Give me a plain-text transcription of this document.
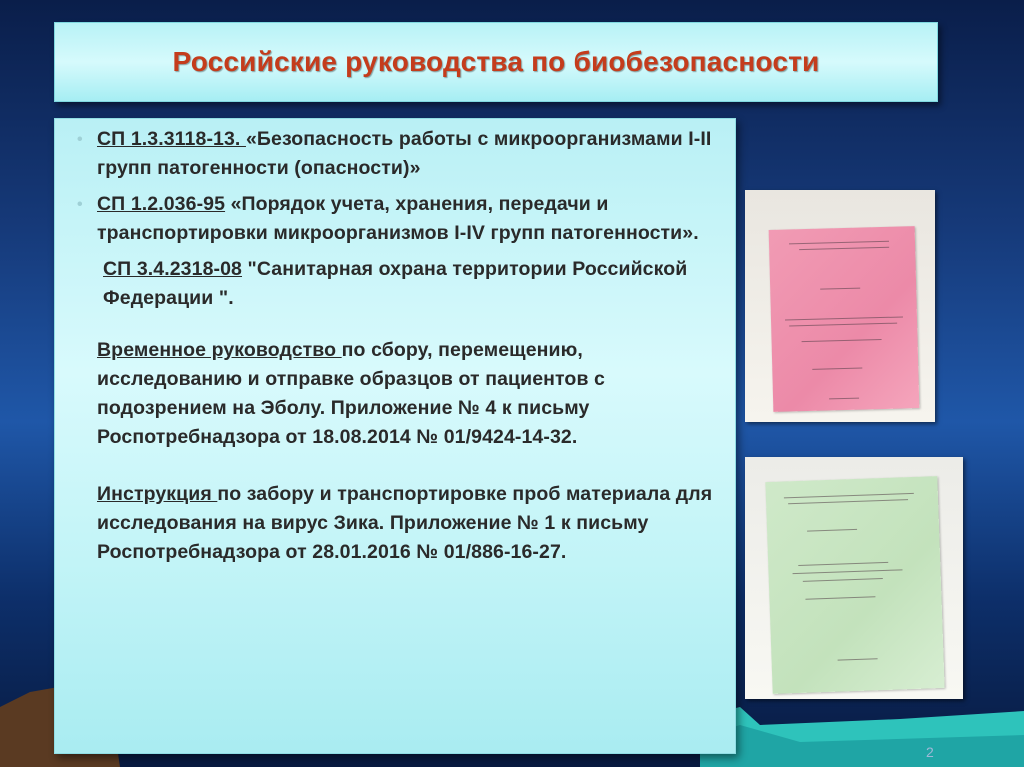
Российские руководства по биобезопасности
• СП 1.3.3118-13. «Безопасность работы с микроорганизмами I-II групп патогенности (опасности)»
• СП 1.2.036-95 «Порядок учета, хранения, передачи и транспортировки микроорганизмов I-IV групп патогенности».
СП 3.4.2318-08 "Санитарная охрана территории Российской Федерации ".
Временное руководство по сбору, перемещению, исследованию и отправке образцов от пациентов с подозрением на Эболу. Приложение № 4 к письму Роспотребнадзора от 18.08.2014 № 01/9424-14-32.
Инструкция по забору и транспортировке проб материала для исследования на вирус Зика. Приложение № 1 к письму Роспотребнадзора от 28.01.2016 № 01/886-16-27.
2
